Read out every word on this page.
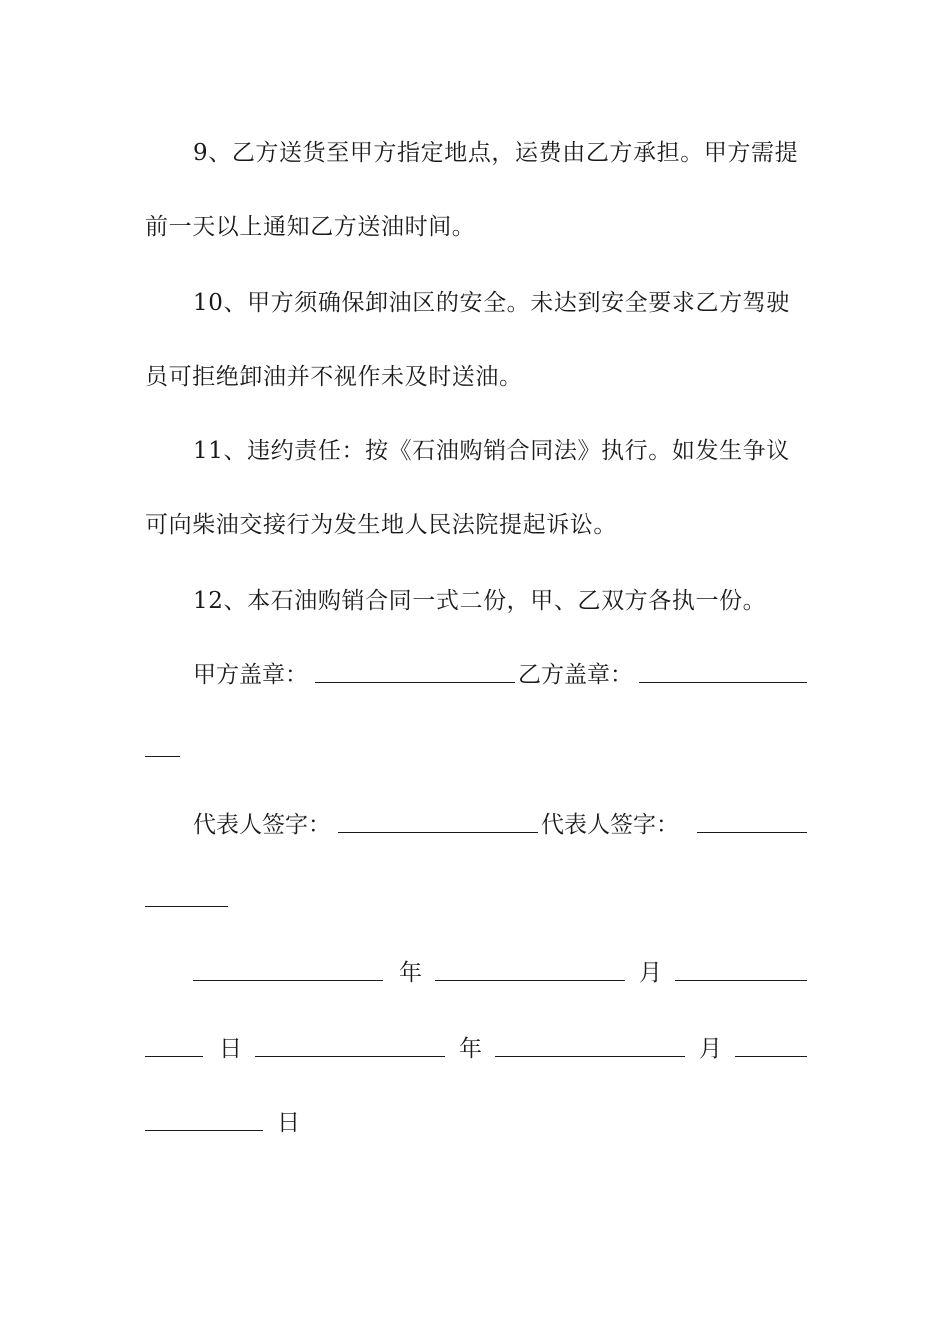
9、乙方送货至甲方指定地点，运费由乙方承担。甲方需提
前一天以上通知乙方送油时间。
10、甲方须确保卸油区的安全。未达到安全要求乙方驾驶
员可拒绝卸油并不视作未及时送油。
11、违约责任：按《石油购销合同法》执行。如发生争议
可向柴油交接行为发生地人民法院提起诉讼。
12、本石油购销合同一式二份，甲、乙双方各执一份。
甲方盖章：	乙方盖章：
代表人签字：	代表人签字：
年	月
日	年	月
日
